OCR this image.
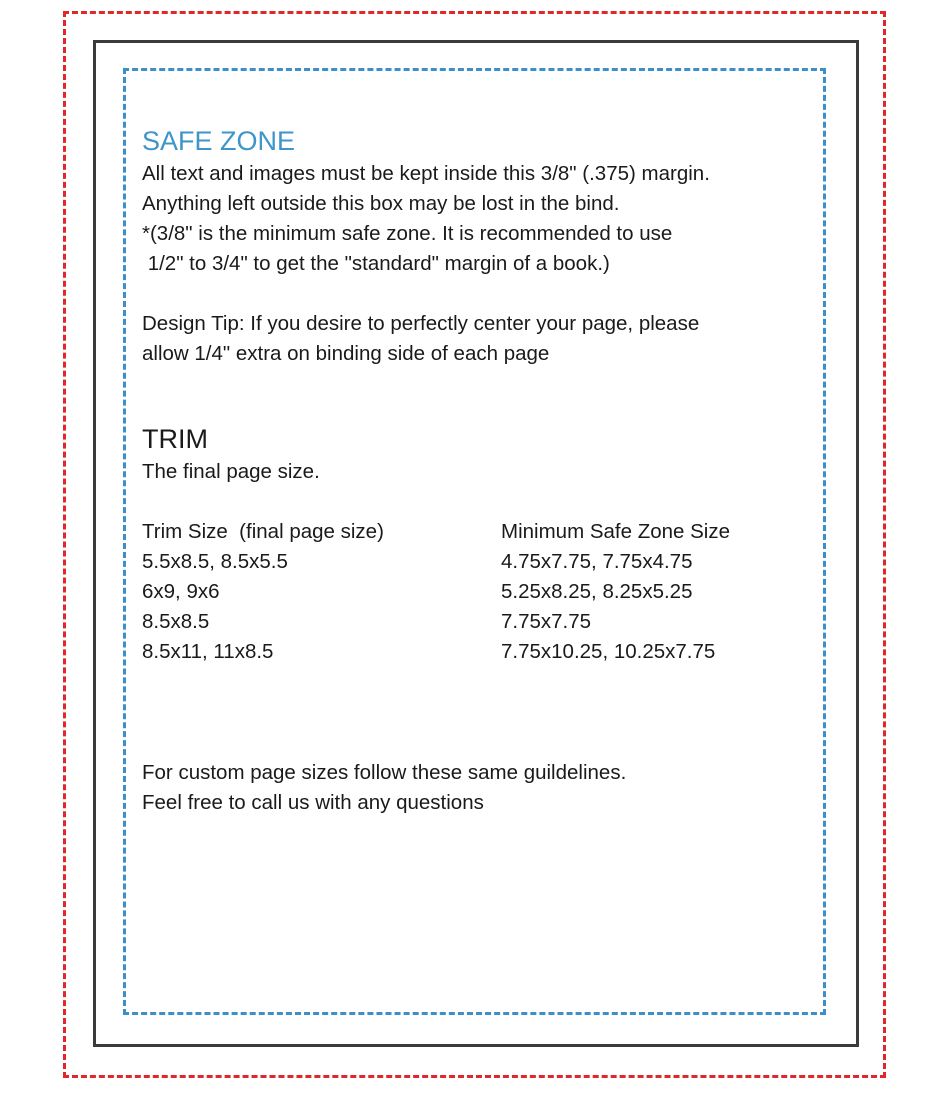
SAFE ZONE
All text and images must be kept inside this 3/8" (.375) margin.
Anything left outside this box may be lost in the bind.
*(3/8" is the minimum safe zone. It is recommended to use
1/2" to 3/4" to get the "standard" margin of a book.)
Design Tip: If you desire to perfectly center your page, please
allow 1/4" extra on binding side of each page
TRIM
The final page size.
Trim Size  (final page size)	Minimum Safe Zone Size
5.5x8.5, 8.5x5.5	4.75x7.75, 7.75x4.75
6x9, 9x6	5.25x8.25, 8.25x5.25
8.5x8.5	7.75x7.75
8.5x11, 11x8.5	7.75x10.25, 10.25x7.75
For custom page sizes follow these same guildelines.
Feel free to call us with any questions
